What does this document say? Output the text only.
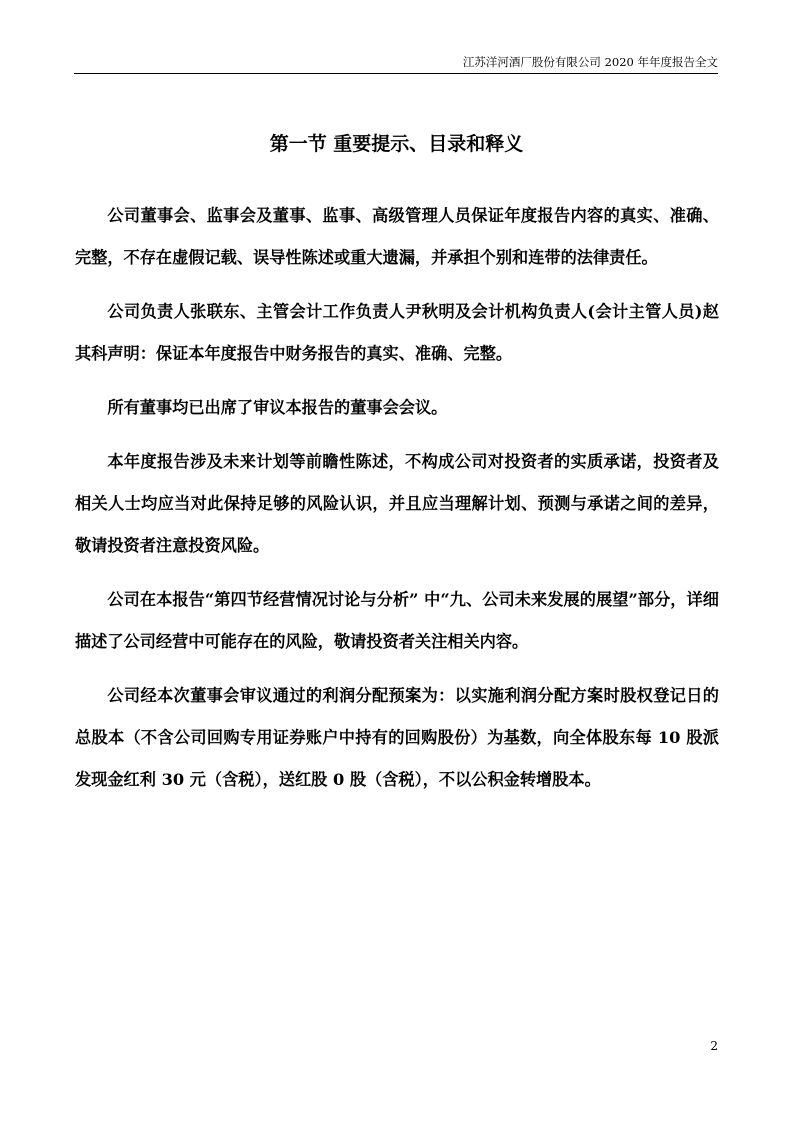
江苏洋河酒厂股份有限公司 2020 年年度报告全文
第一节 重要提示、目录和释义

公司董事会、监事会及董事、监事、高级管理人员保证年度报告内容的真实、准确、完整，不存在虚假记载、误导性陈述或重大遗漏，并承担个别和连带的法律责任。

公司负责人张联东、主管会计工作负责人尹秋明及会计机构负责人(会计主管人员)赵其科声明：保证本年度报告中财务报告的真实、准确、完整。

所有董事均已出席了审议本报告的董事会会议。

本年度报告涉及未来计划等前瞻性陈述，不构成公司对投资者的实质承诺，投资者及相关人士均应当对此保持足够的风险认识，并且应当理解计划、预测与承诺之间的差异，敬请投资者注意投资风险。

公司在本报告“第四节经营情况讨论与分析” 中“九、公司未来发展的展望”部分，详细描述了公司经营中可能存在的风险，敬请投资者关注相关内容。

公司经本次董事会审议通过的利润分配预案为：以实施利润分配方案时股权登记日的总股本（不含公司回购专用证券账户中持有的回购股份）为基数，向全体股东每 10 股派发现金红利 30 元（含税），送红股 0 股（含税），不以公积金转增股本。

2
